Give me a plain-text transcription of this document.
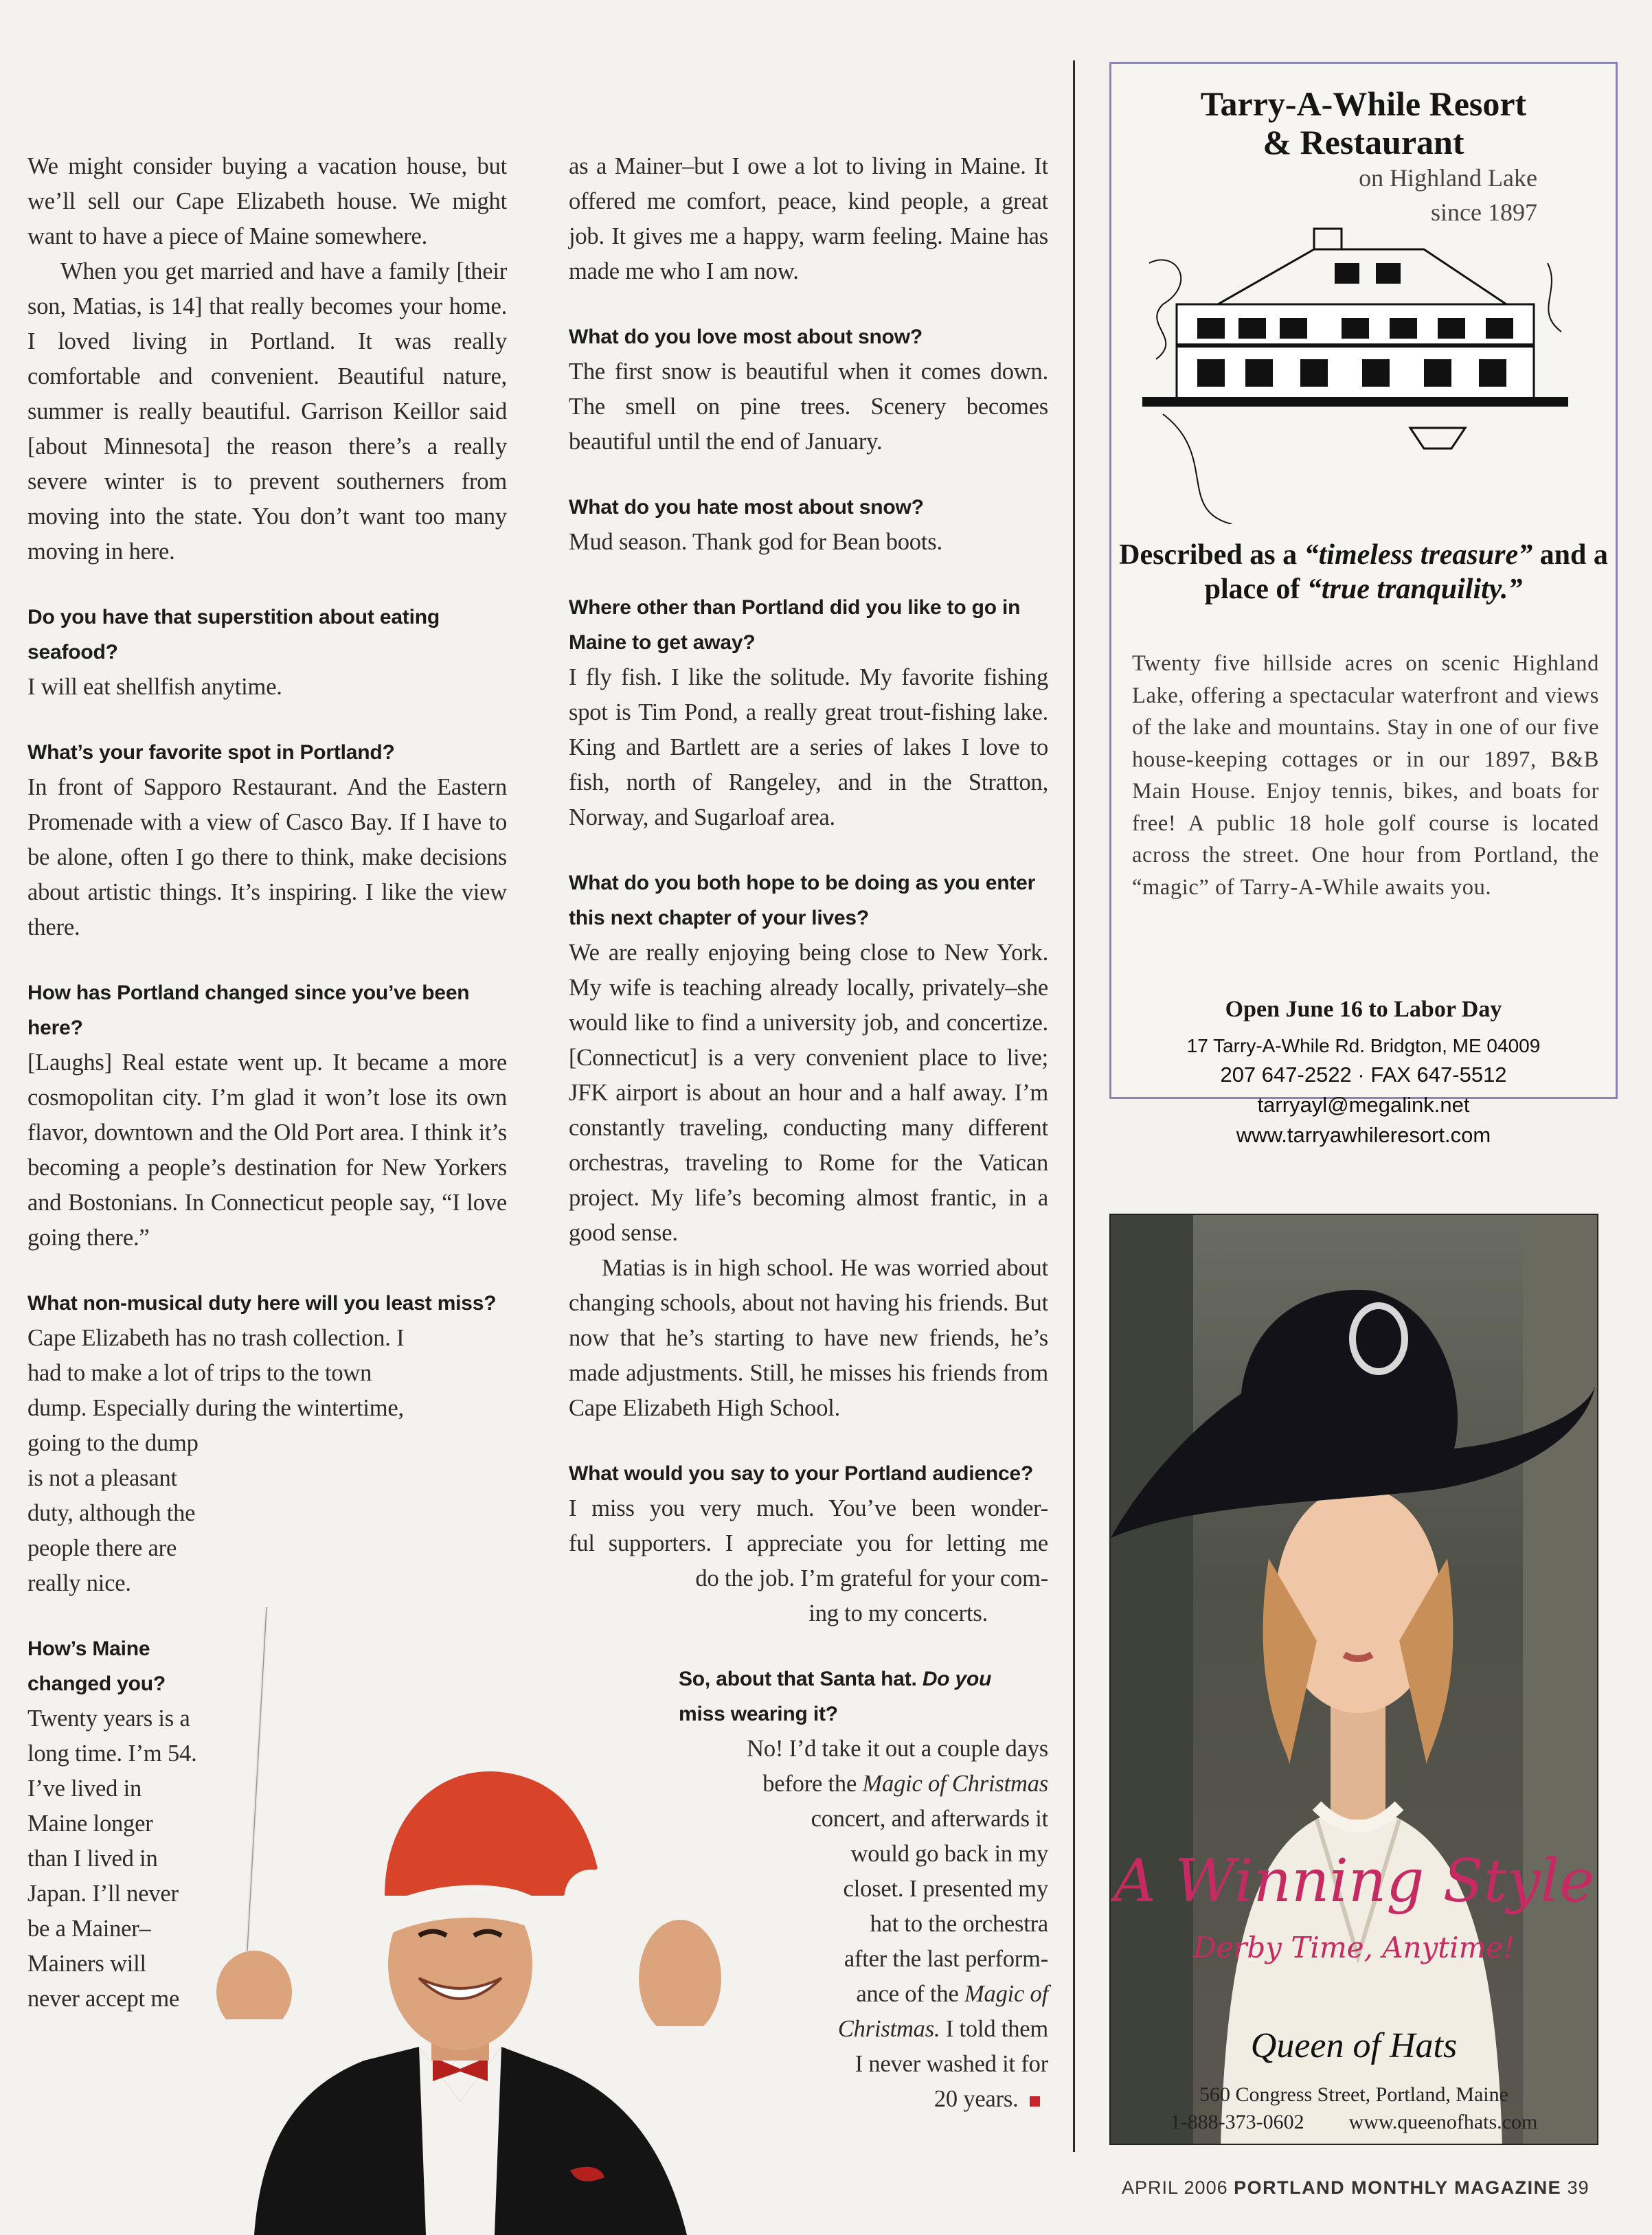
We might consider buying a vacation house, but we’ll sell our Cape Elizabeth house. We might want to have a piece of Maine somewhere.

When you get married and have a family [their son, Matias, is 14] that really becomes your home. I loved living in Portland. It was really comfortable and convenient. Beautiful nature, summer is really beautiful. Garrison Keillor said [about Minnesota] the reason there’s a really severe winter is to prevent southerners from moving into the state. You don’t want too many moving in here.

Do you have that superstition about eating seafood?

I will eat shellfish anytime.

What’s your favorite spot in Portland?

In front of Sapporo Restaurant. And the Eastern Promenade with a view of Casco Bay. If I have to be alone, often I go there to think, make decisions about artistic things. It’s inspiring. I like the view there.

How has Portland changed since you’ve been here?

[Laughs] Real estate went up. It became a more cosmopolitan city. I’m glad it won’t lose its own flavor, downtown and the Old Port area. I think it’s becoming a people’s destination for New Yorkers and Bostonians. In Connecticut people say, “I love going there.”

What non-musical duty here will you least miss?
Cape Elizabeth has no trash collection. I
had to make a lot of trips to the town
dump. Especially during the wintertime,
going to the dump
is not a pleasant
duty, although the
people there are
really nice.
How’s Maine
changed you?
Twenty years is a
long time. I’m 54.
I’ve lived in
Maine longer
than I lived in
Japan. I’ll never
be a Mainer–
Mainers will
never accept me

as a Mainer–but I owe a lot to living in Maine. It offered me comfort, peace, kind people, a great job. It gives me a happy, warm feeling. Maine has made me who I am now.

What do you love most about snow?

The first snow is beautiful when it comes down. The smell on pine trees. Scenery becomes beautiful until the end of January.

What do you hate most about snow?

Mud season. Thank god for Bean boots.

Where other than Portland did you like to go in Maine to get away?

I fly fish. I like the solitude. My favorite fishing spot is Tim Pond, a really great trout-fishing lake. King and Bartlett are a series of lakes I love to fish, north of Rangeley, and in the Stratton, Norway, and Sugarloaf area.

What do you both hope to be doing as you enter this next chapter of your lives?

We are really enjoying being close to New York. My wife is teaching already locally, privately–she would like to find a university job, and concertize. [Connecticut] is a very convenient place to live; JFK airport is about an hour and a half away. I’m constantly traveling, conducting many different orchestras, traveling to Rome for the Vatican project. My life’s becoming almost frantic, in a good sense.

Matias is in high school. He was worried about changing schools, about not having his friends. But now that he’s starting to have new friends, he’s made adjustments. Still, he misses his friends from Cape Elizabeth High School.

What would you say to your Portland audience?
I miss you very much. You’ve been wonder-
ful supporters. I appreciate you for letting me
do the job. I’m grateful for your com-
ing to my concerts.
So, about that Santa hat. Do you
miss wearing it?
No! I’d take it out a couple days
before the Magic of Christmas
concert, and afterwards it
would go back in my
closet. I presented my
hat to the orchestra
after the last perform-
ance of the Magic of
Christmas. I told them
I never washed it for
20 years.
Tarry-A-While Resort
& Restaurant
on Highland Lake
since 1897
Described as a “timeless treasure” and a place of “true tranquility.”
Twenty five hillside acres on scenic Highland Lake, offering a spectacular waterfront and views of the lake and mountains. Stay in one of our five house-keeping cottages or in our 1897, B&B Main House. Enjoy tennis, bikes, and boats for free! A public 18 hole golf course is located across the street. One hour from Portland, the “magic” of Tarry-A-While awaits you.
Open June 16 to Labor Day
17 Tarry-A-While Rd. Bridgton, ME 04009
207 647-2522 · FAX 647-5512
tarryayl@megalink.net
www.tarryawhileresort.com
A Winning Style
Derby Time, Anytime!
Queen of Hats
560 Congress Street, Portland, Maine
1-888-373-0602 www.queenofhats.com
APRIL 2006 PORTLAND MONTHLY MAGAZINE 39
